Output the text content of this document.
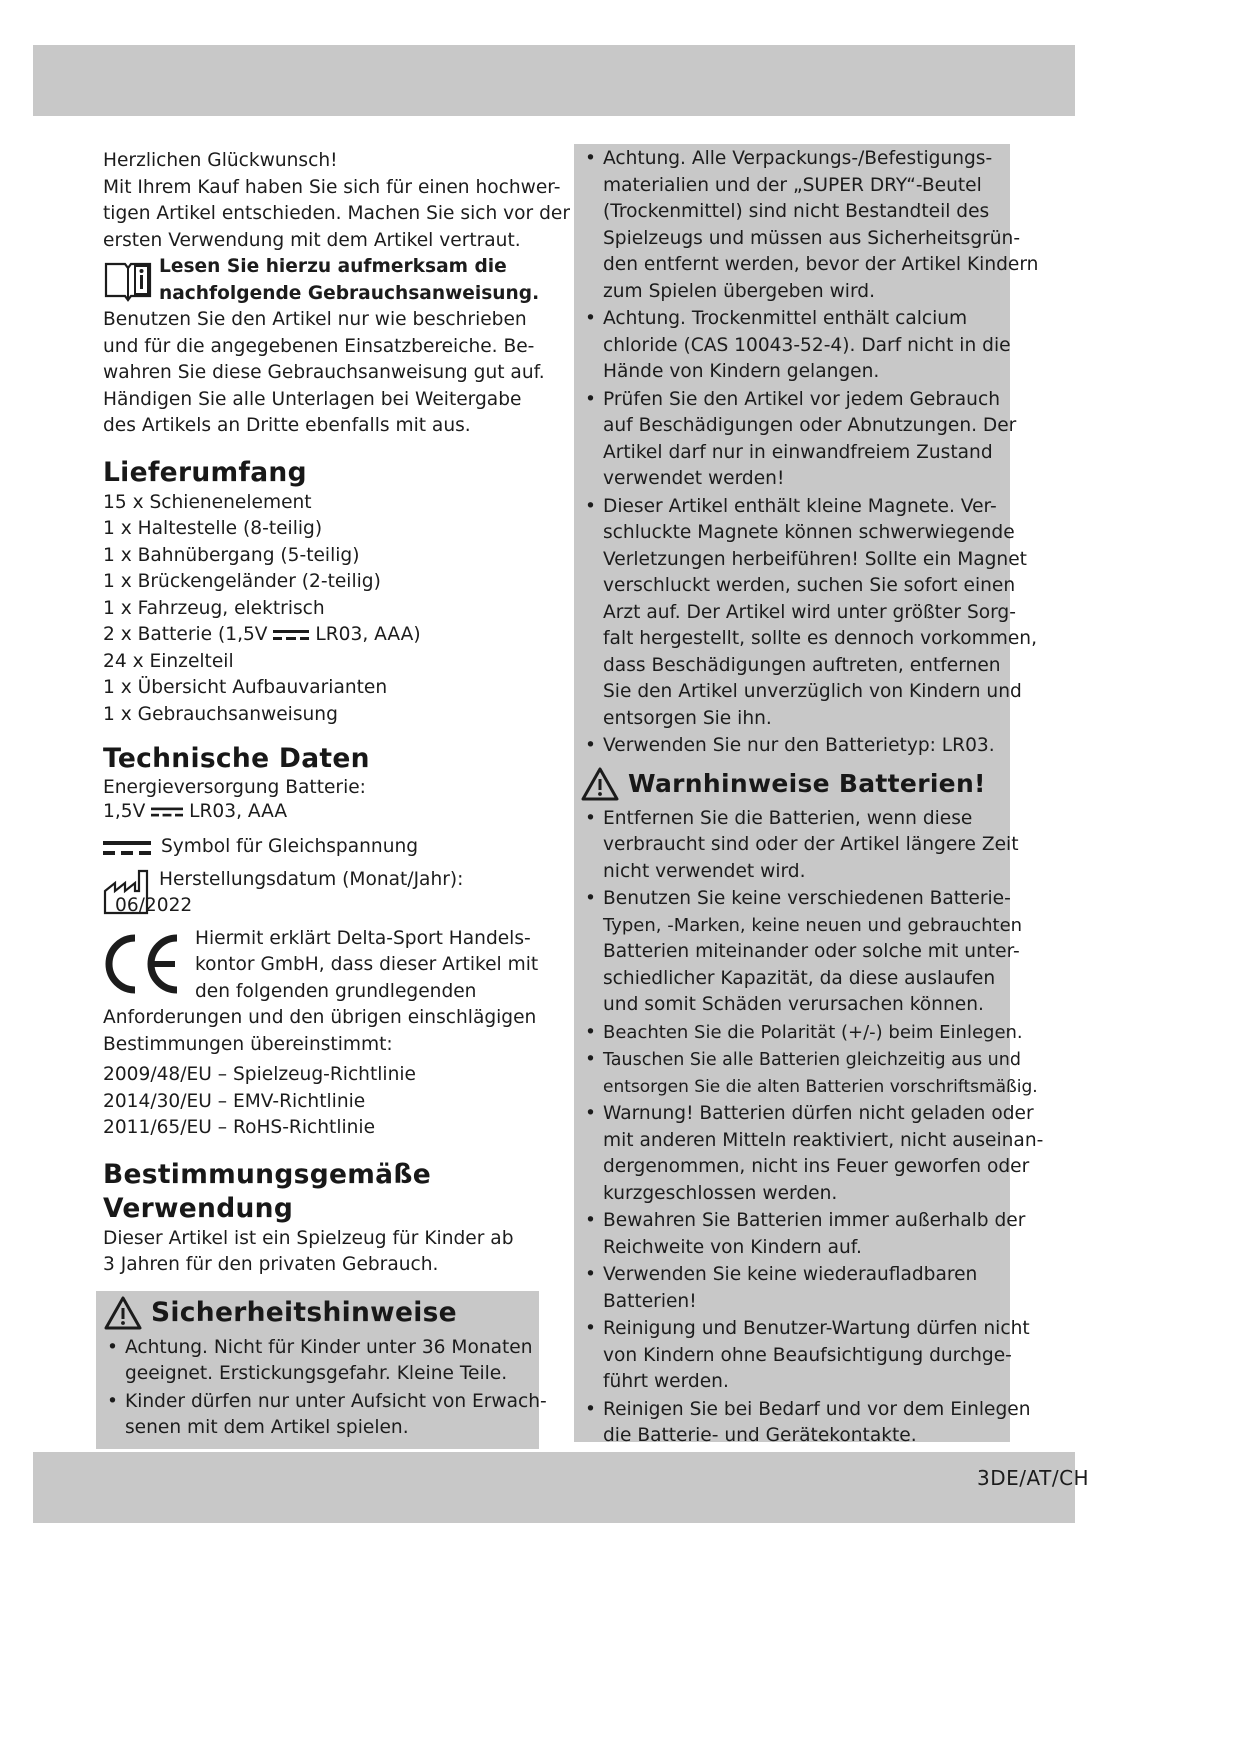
Herzlichen Glückwunsch!

Mit Ihrem Kauf haben Sie sich für einen hochwer-

tigen Artikel entschieden. Machen Sie sich vor der

ersten Verwendung mit dem Artikel vertraut.

Lesen Sie hierzu aufmerksam die

nachfolgende Gebrauchsanweisung.

Benutzen Sie den Artikel nur wie beschrieben

und für die angegebenen Einsatzbereiche. Be-

wahren Sie diese Gebrauchsanweisung gut auf.

Händigen Sie alle Unterlagen bei Weitergabe

des Artikels an Dritte ebenfalls mit aus.

Lieferumfang

15 x Schienenelement

1 x Haltestelle (8-teilig)

1 x Bahnübergang (5-teilig)

1 x Brückengeländer (2-teilig)

1 x Fahrzeug, elektrisch

2 x Batterie (1,5V	LR03, AAA)

24 x Einzelteil

1 x Übersicht Aufbauvarianten

1 x Gebrauchsanweisung

Technische Daten

Energieversorgung Batterie:

1,5V LR03, AAA

Symbol für Gleichspannung

Herstellungsdatum (Monat/Jahr):

06/2022

Hiermit erklärt Delta-Sport Handels-

kontor GmbH, dass dieser Artikel mit

den folgenden grundlegenden

Anforderungen und den übrigen einschlägigen

Bestimmungen übereinstimmt:

2009/48/EU – Spielzeug-Richtlinie

2014/30/EU – EMV-Richtlinie

2011/65/EU – RoHS-Richtlinie

Bestimmungsgemäße
Verwendung

Dieser Artikel ist ein Spielzeug für Kinder ab

3 Jahren für den privaten Gebrauch.

Sicherheitshinweise
• Achtung. Nicht für Kinder unter 36 Monaten
geeignet. Erstickungsgefahr. Kleine Teile.
• Kinder dürfen nur unter Aufsicht von Erwach-
senen mit dem Artikel spielen.
• Achtung. Alle Verpackungs-/Befestigungs-
materialien und der „SUPER DRY“-Beutel
(Trockenmittel) sind nicht Bestandteil des
Spielzeugs und müssen aus Sicherheitsgrün-
den entfernt werden, bevor der Artikel Kindern
zum Spielen übergeben wird.
• Achtung. Trockenmittel enthält calcium
chloride (CAS 10043-52-4). Darf nicht in die
Hände von Kindern gelangen.
• Prüfen Sie den Artikel vor jedem Gebrauch
auf Beschädigungen oder Abnutzungen. Der
Artikel darf nur in einwandfreiem Zustand
verwendet werden!
• Dieser Artikel enthält kleine Magnete. Ver-
schluckte Magnete können schwerwiegende
Verletzungen herbeiführen! Sollte ein Magnet
verschluckt werden, suchen Sie sofort einen
Arzt auf. Der Artikel wird unter größter Sorg-
falt hergestellt, sollte es dennoch vorkommen,
dass Beschädigungen auftreten, entfernen
Sie den Artikel unverzüglich von Kindern und
entsorgen Sie ihn.
• Verwenden Sie nur den Batterietyp: LR03.
Warnhinweise Batterien!
• Entfernen Sie die Batterien, wenn diese
verbraucht sind oder der Artikel längere Zeit
nicht verwendet wird.
• Benutzen Sie keine verschiedenen Batterie-
Typen, -Marken, keine neuen und gebrauchten
Batterien miteinander oder solche mit unter-
schiedlicher Kapazität, da diese auslaufen
und somit Schäden verursachen können.
• Beachten Sie die Polarität (+/-) beim Einlegen.
• Tauschen Sie alle Batterien gleichzeitig aus und
entsorgen Sie die alten Batterien vorschriftsmäßig.
• Warnung! Batterien dürfen nicht geladen oder
mit anderen Mitteln reaktiviert, nicht auseinan-
dergenommen, nicht ins Feuer geworfen oder
kurzgeschlossen werden.
• Bewahren Sie Batterien immer außerhalb der
Reichweite von Kindern auf.
• Verwenden Sie keine wiederaufladbaren
Batterien!
• Reinigung und Benutzer-Wartung dürfen nicht
von Kindern ohne Beaufsichtigung durchge-
führt werden.
• Reinigen Sie bei Bedarf und vor dem Einlegen
die Batterie- und Gerätekontakte.
3DE/AT/CH
